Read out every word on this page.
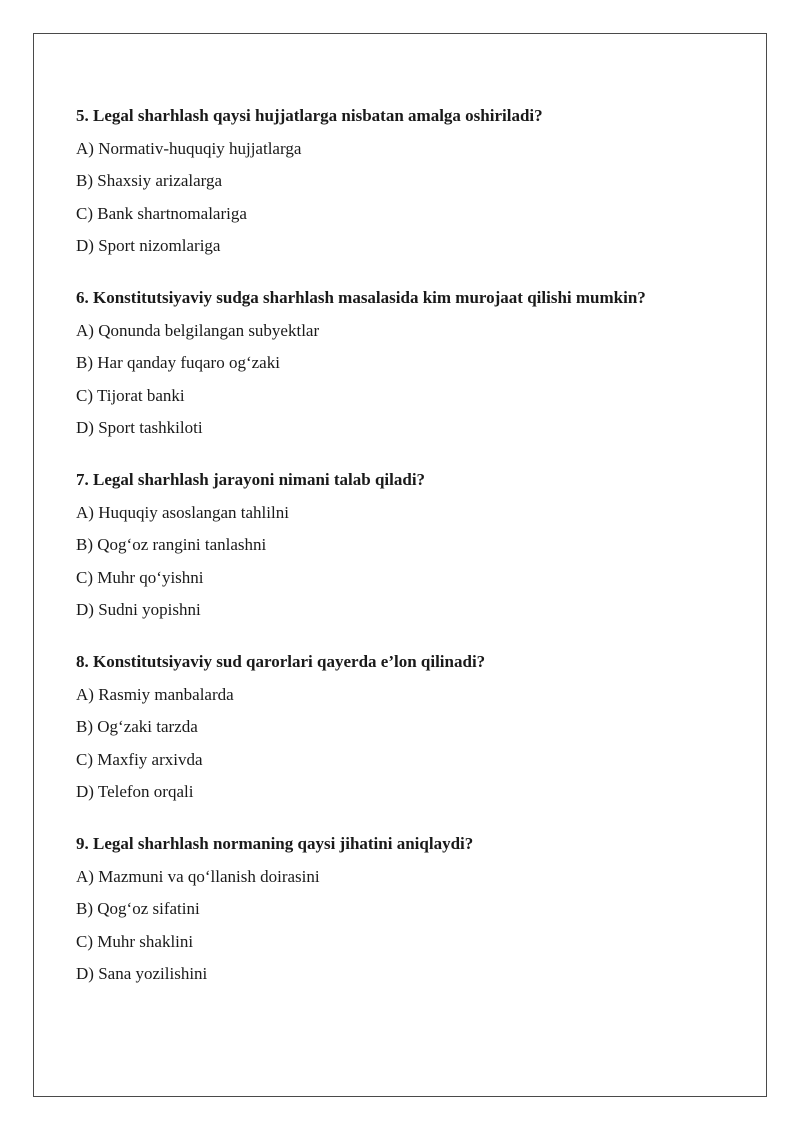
5. Legal sharhlash qaysi hujjatlarga nisbatan amalga oshiriladi?
A) Normativ-huquqiy hujjatlarga
B) Shaxsiy arizalarga
C) Bank shartnomalariga
D) Sport nizomlariga
6. Konstitutsiyaviy sudga sharhlash masalasida kim murojaat qilishi mumkin?
A) Qonunda belgilangan subyektlar
B) Har qanday fuqaro og‘zaki
C) Tijorat banki
D) Sport tashkiloti
7. Legal sharhlash jarayoni nimani talab qiladi?
A) Huquqiy asoslangan tahlilni
B) Qog‘oz rangini tanlashni
C) Muhr qo‘yishni
D) Sudni yopishni
8. Konstitutsiyaviy sud qarorlari qayerda e’lon qilinadi?
A) Rasmiy manbalarda
B) Og‘zaki tarzda
C) Maxfiy arxivda
D) Telefon orqali
9. Legal sharhlash normaning qaysi jihatini aniqlaydi?
A) Mazmuni va qo‘llanish doirasini
B) Qog‘oz sifatini
C) Muhr shaklini
D) Sana yozilishini
